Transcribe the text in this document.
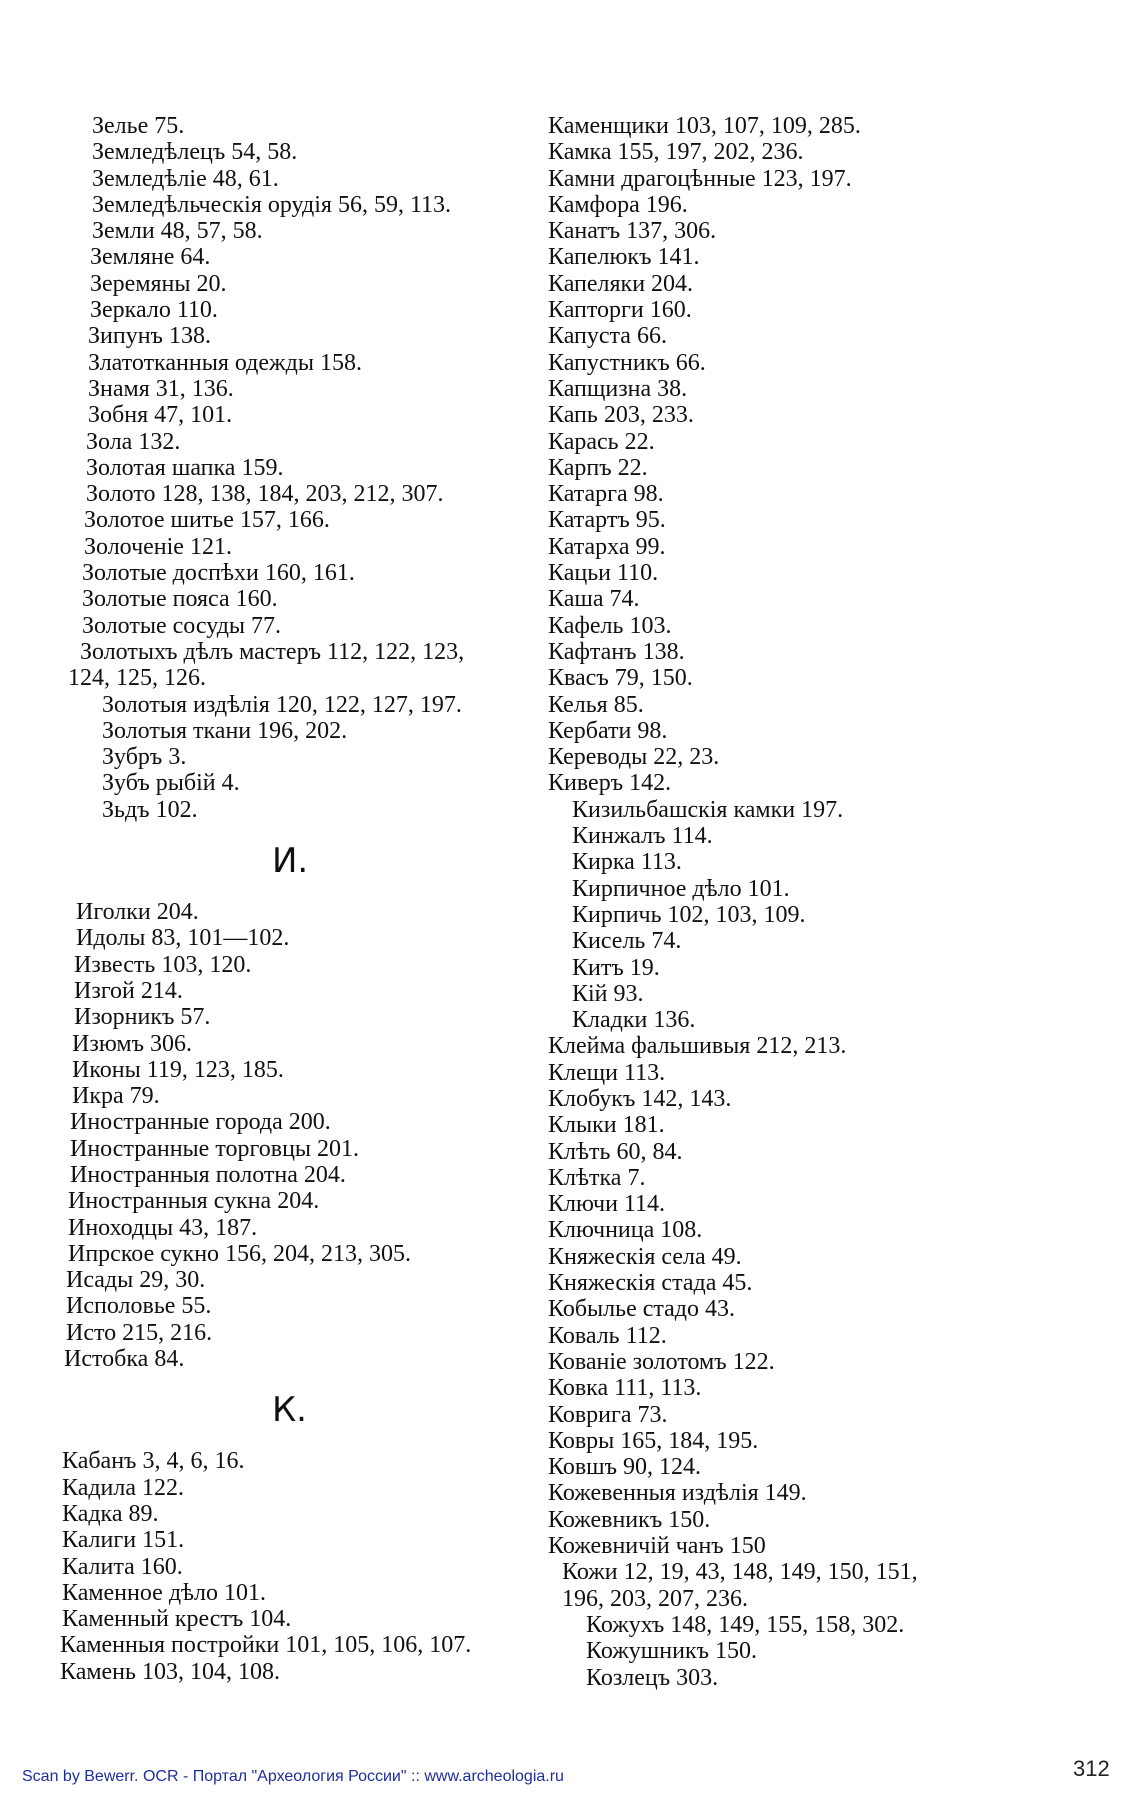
Зелье 75.
Земледѣлецъ 54, 58.
Земледѣліе 48, 61.
Земледѣльческія орудія 56, 59, 113.
Земли 48, 57, 58.
Земляне 64.
Зеремяны 20.
Зеркало 110.
Зипунъ 138.
Златотканныя одежды 158.
Знамя 31, 136.
Зобня 47, 101.
Зола 132.
Золотая шапка 159.
Золото 128, 138, 184, 203, 212, 307.
Золотое шитье 157, 166.
Золоченіе 121.
Золотые доспѣхи 160, 161.
Золотые пояса 160.
Золотые сосуды 77.
Золотыхъ дѣлъ мастеръ 112, 122, 123,
124, 125, 126.
Золотыя издѣлія 120, 122, 127, 197.
Золотыя ткани 196, 202.
Зубръ 3.
Зубъ рыбій 4.
Зьдъ 102.
И.
Иголки 204.
Идолы 83, 101—102.
Известь 103, 120.
Изгой 214.
Изорникъ 57.
Изюмъ 306.
Иконы 119, 123, 185.
Икра 79.
Иностранные города 200.
Иностранные торговцы 201.
Иностранныя полотна 204.
Иностранныя сукна 204.
Иноходцы 43, 187.
Ипрское сукно 156, 204, 213, 305.
Исады 29, 30.
Исполовье 55.
Исто 215, 216.
Истобка 84.
К.
Кабанъ 3, 4, 6, 16.
Кадила 122.
Кадка 89.
Калиги 151.
Калита 160.
Каменное дѣло 101.
Каменный крестъ 104.
Каменныя постройки 101, 105, 106, 107.
Камень 103, 104, 108.
Каменщики 103, 107, 109, 285.
Камка 155, 197, 202, 236.
Камни драгоцѣнные 123, 197.
Камфора 196.
Канатъ 137, 306.
Капелюкъ 141.
Капеляки 204.
Капторги 160.
Капуста 66.
Капустникъ 66.
Капщизна 38.
Капь 203, 233.
Карась 22.
Карпъ 22.
Катарга 98.
Катартъ 95.
Катарха 99.
Кацьи 110.
Каша 74.
Кафель 103.
Кафтанъ 138.
Квасъ 79, 150.
Келья 85.
Кербати 98.
Кереводы 22, 23.
Киверъ 142.
Кизильбашскія камки 197.
Кинжалъ 114.
Кирка 113.
Кирпичное дѣло 101.
Кирпичь 102, 103, 109.
Кисель 74.
Китъ 19.
Кій 93.
Кладки 136.
Клейма фальшивыя 212, 213.
Клещи 113.
Клобукъ 142, 143.
Клыки 181.
Клѣть 60, 84.
Клѣтка 7.
Ключи 114.
Ключница 108.
Княжескія села 49.
Княжескія стада 45.
Кобылье стадо 43.
Коваль 112.
Кованіе золотомъ 122.
Ковка 111, 113.
Коврига 73.
Ковры 165, 184, 195.
Ковшъ 90, 124.
Кожевенныя издѣлія 149.
Кожевникъ 150.
Кожевничій чанъ 150
Кожи 12, 19, 43, 148, 149, 150, 151,
196, 203, 207, 236.
Кожухъ 148, 149, 155, 158, 302.
Кожушникъ 150.
Козлецъ 303.
Scan by Bewerr. OCR - Портал "Археология России" :: www.archeologia.ru	312
